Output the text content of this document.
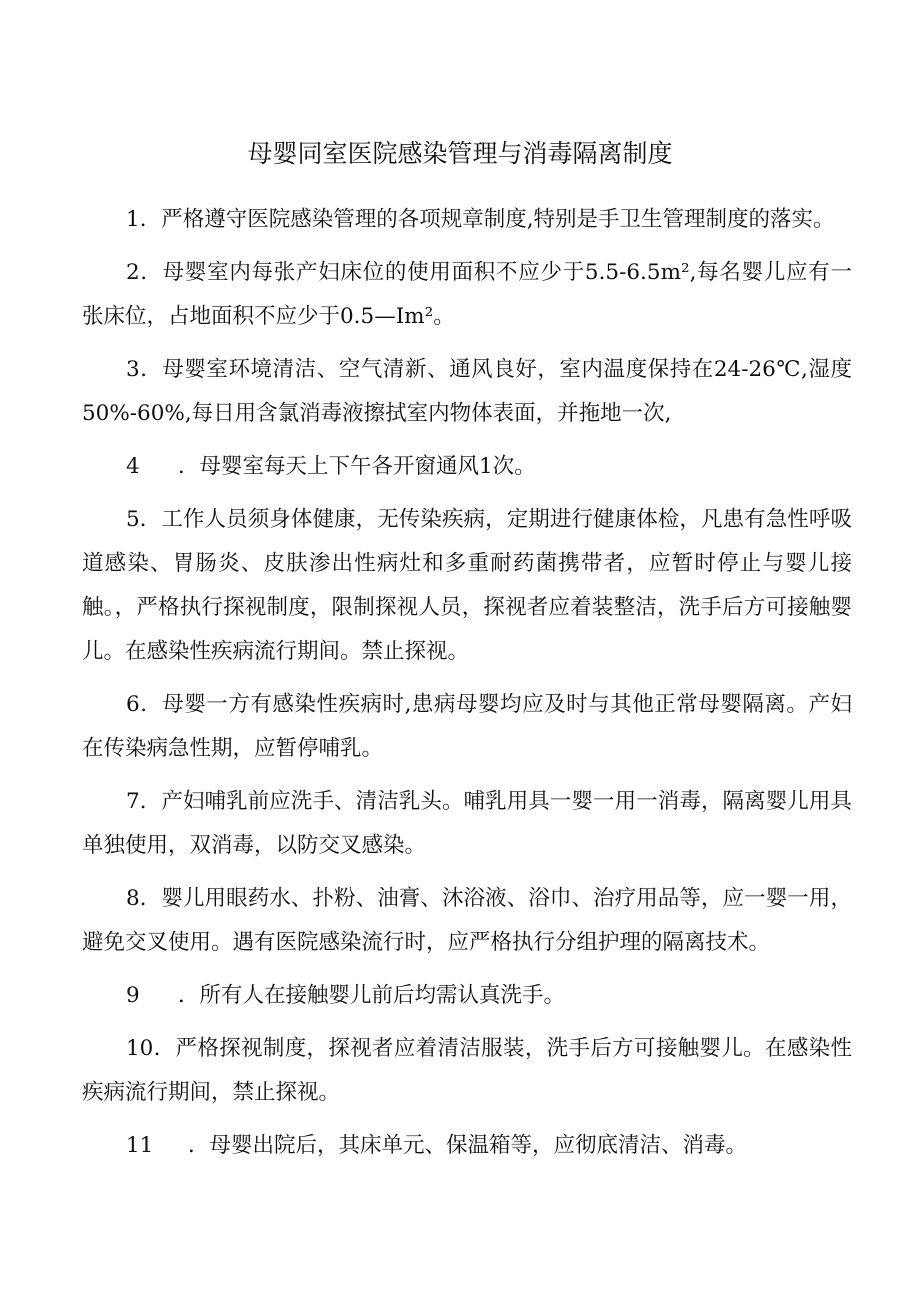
母婴同室医院感染管理与消毒隔离制度

1．严格遵守医院感染管理的各项规章制度,特别是手卫生管理制度的落实。

2．母婴室内每张产妇床位的使用面积不应少于5.5-6.5m²,每名婴儿应有一张床位，占地面积不应少于0.5—Im²。

3．母婴室环境清洁、空气清新、通风良好，室内温度保持在24-26℃,湿度50%-60%,每日用含氯消毒液擦拭室内物体表面，并拖地一次,

4 ．母婴室每天上下午各开窗通风1次。

5．工作人员须身体健康，无传染疾病，定期进行健康体检，凡患有急性呼吸道感染、胃肠炎、皮肤渗出性病灶和多重耐药菌携带者，应暂时停止与婴儿接触。，严格执行探视制度，限制探视人员，探视者应着装整洁，洗手后方可接触婴儿。在感染性疾病流行期间。禁止探视。

6．母婴一方有感染性疾病时,患病母婴均应及时与其他正常母婴隔离。产妇在传染病急性期，应暂停哺乳。

7．产妇哺乳前应洗手、清洁乳头。哺乳用具一婴一用一消毒，隔离婴儿用具单独使用，双消毒，以防交叉感染。

8．婴儿用眼药水、扑粉、油膏、沐浴液、浴巾、治疗用品等，应一婴一用，避免交叉使用。遇有医院感染流行时，应严格执行分组护理的隔离技术。

9 ．所有人在接触婴儿前后均需认真洗手。

10．严格探视制度，探视者应着清洁服装，洗手后方可接触婴儿。在感染性疾病流行期间，禁止探视。

11 ．母婴出院后，其床单元、保温箱等，应彻底清洁、消毒。
